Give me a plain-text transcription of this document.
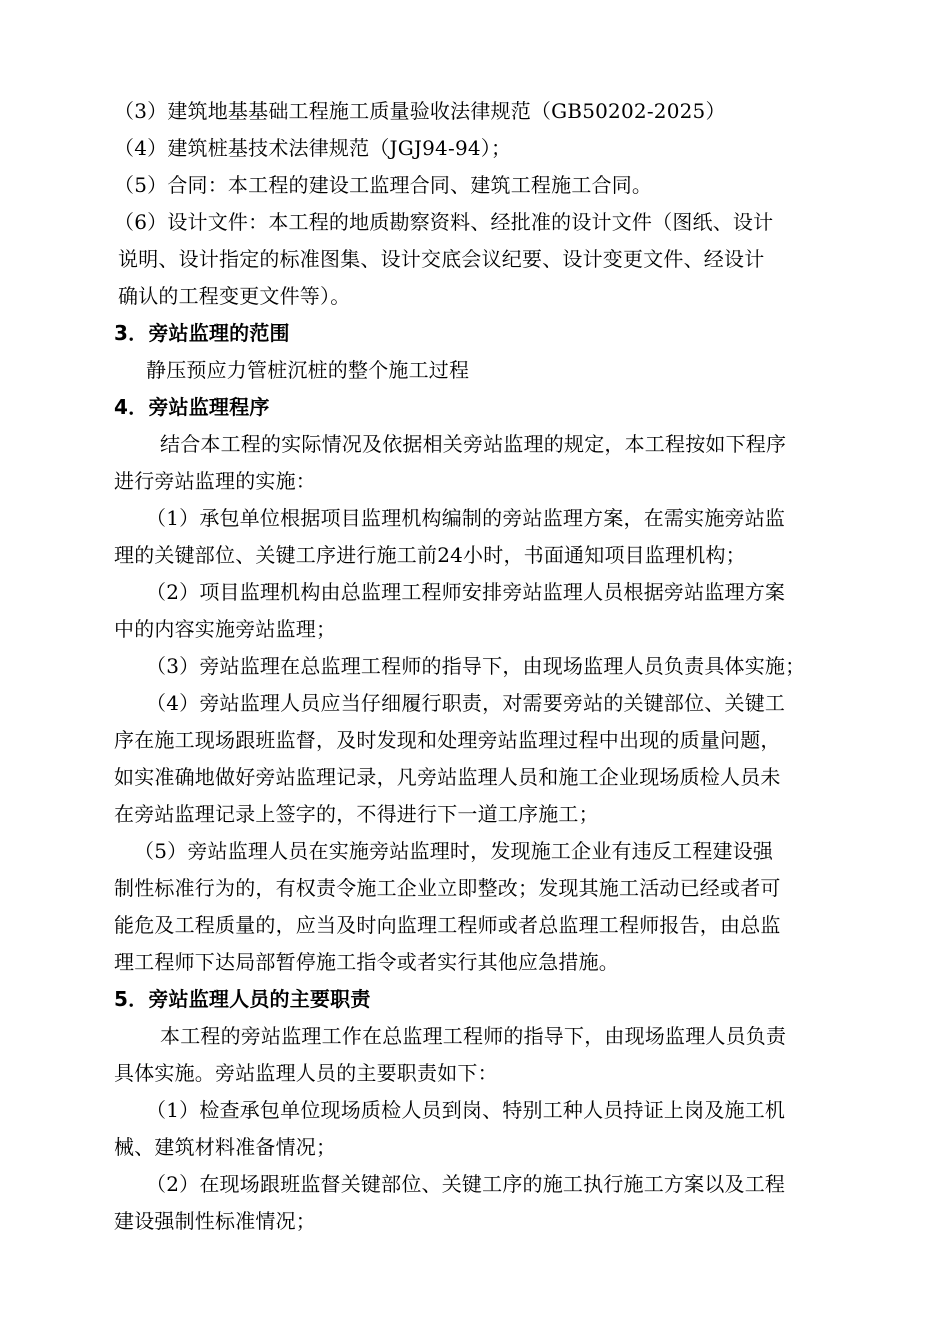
（3）建筑地基基础工程施工质量验收法律规范（GB50202-2025）
（4）建筑桩基技术法律规范（JGJ94-94）；
（5）合同：本工程的建设工监理合同、建筑工程施工合同。
（6）设计文件：本工程的地质勘察资料、经批准的设计文件（图纸、设计
说明、设计指定的标准图集、设计交底会议纪要、设计变更文件、经设计
确认的工程变更文件等）。
3．旁站监理的范围
静压预应力管桩沉桩的整个施工过程
4．旁站监理程序
结合本工程的实际情况及依据相关旁站监理的规定，本工程按如下程序
进行旁站监理的实施：
（1）承包单位根据项目监理机构编制的旁站监理方案，在需实施旁站监
理的关键部位、关键工序进行施工前24小时，书面通知项目监理机构；
（2）项目监理机构由总监理工程师安排旁站监理人员根据旁站监理方案
中的内容实施旁站监理；
（3）旁站监理在总监理工程师的指导下，由现场监理人员负责具体实施；
（4）旁站监理人员应当仔细履行职责，对需要旁站的关键部位、关键工
序在施工现场跟班监督，及时发现和处理旁站监理过程中出现的质量问题，
如实准确地做好旁站监理记录，凡旁站监理人员和施工企业现场质检人员未
在旁站监理记录上签字的，不得进行下一道工序施工；
（5）旁站监理人员在实施旁站监理时，发现施工企业有违反工程建设强
制性标准行为的，有权责令施工企业立即整改；发现其施工活动已经或者可
能危及工程质量的，应当及时向监理工程师或者总监理工程师报告，由总监
理工程师下达局部暂停施工指令或者实行其他应急措施。
5．旁站监理人员的主要职责
本工程的旁站监理工作在总监理工程师的指导下，由现场监理人员负责
具体实施。旁站监理人员的主要职责如下：
（1）检查承包单位现场质检人员到岗、特别工种人员持证上岗及施工机
械、建筑材料准备情况；
（2）在现场跟班监督关键部位、关键工序的施工执行施工方案以及工程
建设强制性标准情况；
